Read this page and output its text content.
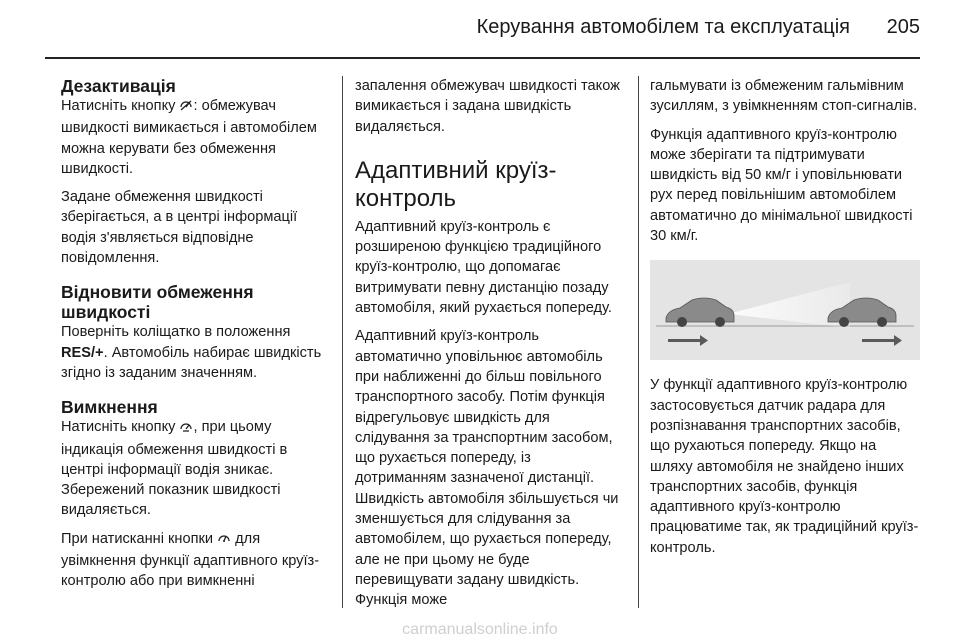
Керування автомобілем та експлуатація 205
Дезактивація

Натисніть кнопку : обмежувач швидкості вимикається і автомобілем можна керувати без обмеження швидкості.

Задане обмеження швидкості зберігається, а в центрі інформації водія з'являється відповідне повідомлення.

Відновити обмеження швидкості

Поверніть коліщатко в положення RES/+. Автомобіль набирає швидкість згідно із заданим значенням.

Вимкнення

Натисніть кнопку , при цьому індикація обмеження швидкості в центрі інформації водія зникає. Збережений показник швидкості видаляється.

При натисканні кнопки для увімкнення функції адаптивного круїз-контролю або при вимкненні

запалення обмежувач швидкості також вимикається і задана швидкість видаляється.

Адаптивний круїз-контроль

Адаптивний круїз-контроль є розширеною функцією традиційного круїз-контролю, що допомагає витримувати певну дистанцію позаду автомобіля, який рухається попереду.

Адаптивний круїз-контроль автоматично уповільнює автомобіль при наближенні до більш повільного транспортного засобу. Потім функція відрегульовує швидкість для слідування за транспортним засобом, що рухається попереду, із дотриманням зазначеної дистанції. Швидкість автомобіля збільшується чи зменшується для слідування за автомобілем, що рухається попереду, але не при цьому не буде перевищувати задану швидкість. Функція може

гальмувати із обмеженим гальмівним зусиллям, з увімкненням стоп-сигналів.

Функція адаптивного круїз-контролю може зберігати та підтримувати швидкість від 50 км/г і уповільнювати рух перед повільнішим автомобілем автоматично до мінімальної швидкості 30 км/г.

У функції адаптивного круїз-контролю застосовується датчик радара для розпізнавання транспортних засобів, що рухаються попереду. Якщо на шляху автомобіля не знайдено інших транспортних засобів, функція адаптивного круїз-контролю працюватиме так, як традиційний круїз-контроль.

carmanualsonline.info
